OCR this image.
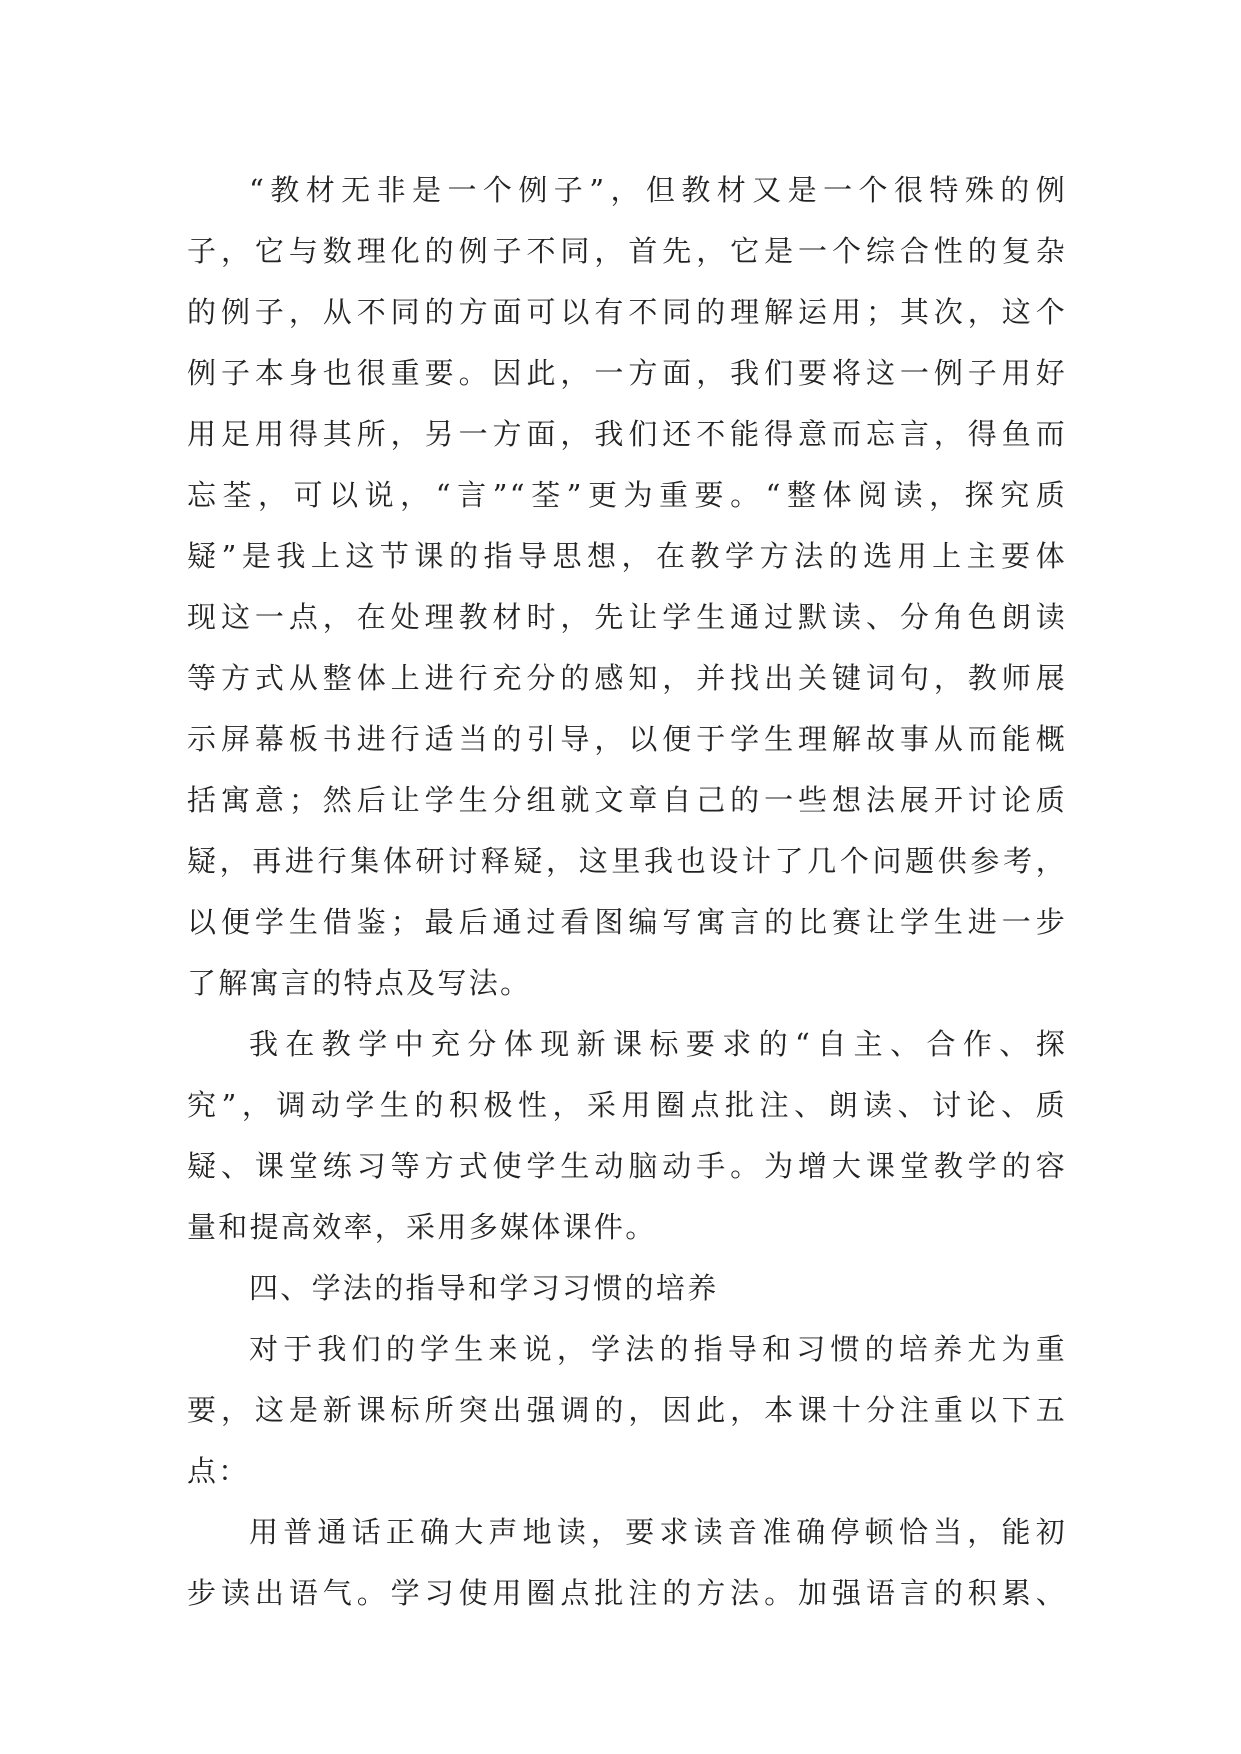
“教材无非是一个例子”，但教材又是一个很特殊的例
子，它与数理化的例子不同，首先，它是一个综合性的复杂
的例子，从不同的方面可以有不同的理解运用；其次，这个
例子本身也很重要。因此，一方面，我们要将这一例子用好
用足用得其所，另一方面，我们还不能得意而忘言，得鱼而
忘荃，可以说，“言”“荃”更为重要。“整体阅读，探究质
疑”是我上这节课的指导思想，在教学方法的选用上主要体
现这一点，在处理教材时，先让学生通过默读、分角色朗读
等方式从整体上进行充分的感知，并找出关键词句，教师展
示屏幕板书进行适当的引导，以便于学生理解故事从而能概
括寓意；然后让学生分组就文章自己的一些想法展开讨论质
疑，再进行集体研讨释疑，这里我也设计了几个问题供参考，
以便学生借鉴；最后通过看图编写寓言的比赛让学生进一步
了解寓言的特点及写法。
我在教学中充分体现新课标要求的“自主、合作、探
究”，调动学生的积极性，采用圈点批注、朗读、讨论、质
疑、课堂练习等方式使学生动脑动手。为增大课堂教学的容
量和提高效率，采用多媒体课件。
四、学法的指导和学习习惯的培养
对于我们的学生来说，学法的指导和习惯的培养尤为重
要，这是新课标所突出强调的，因此，本课十分注重以下五
点：
用普通话正确大声地读，要求读音准确停顿恰当，能初
步读出语气。学习使用圈点批注的方法。加强语言的积累、
